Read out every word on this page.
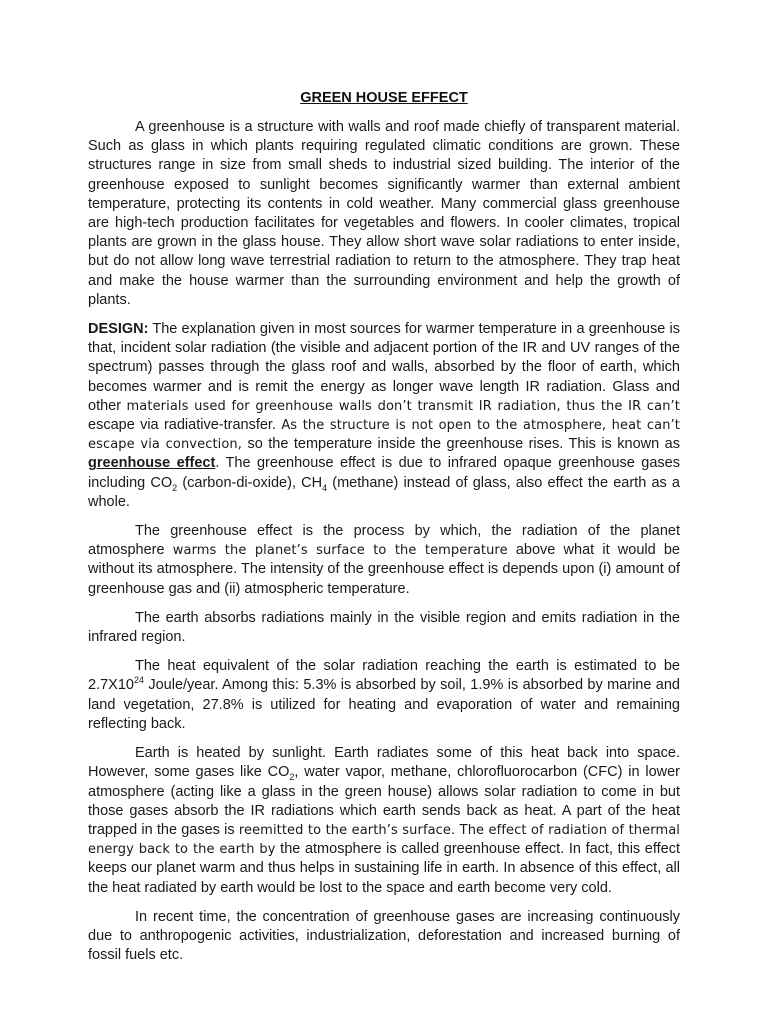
GREEN HOUSE EFFECT

A greenhouse is a structure with walls and roof made chiefly of transparent material. Such as glass in which plants requiring regulated climatic conditions are grown. These structures range in size from small sheds to industrial sized building. The interior of the greenhouse exposed to sunlight becomes significantly warmer than external ambient temperature, protecting its contents in cold weather. Many commercial glass greenhouse are high-tech production facilitates for vegetables and flowers. In cooler climates, tropical plants are grown in the glass house. They allow short wave solar radiations to enter inside, but do not allow long wave terrestrial radiation to return to the atmosphere. They trap heat and make the house warmer than the surrounding environment and help the growth of plants.

DESIGN: The explanation given in most sources for warmer temperature in a greenhouse is that, incident solar radiation (the visible and adjacent portion of the IR and UV ranges of the spectrum) passes through the glass roof and walls, absorbed by the floor of earth, which becomes warmer and is remit the energy as longer wave length IR radiation. Glass and other materials used for greenhouse walls don’t transmit IR radiation, thus the IR can’t escape via radiative-transfer. As the structure is not open to the atmosphere, heat can’t escape via convection, so the temperature inside the greenhouse rises. This is known as greenhouse effect. The greenhouse effect is due to infrared opaque greenhouse gases including $CO_2$ (carbon-di-oxide), $CH_4$ (methane) instead of glass, also effect the earth as a whole.

The greenhouse effect is the process by which, the radiation of the planet atmosphere warms the planet’s surface to the temperature above what it would be without its atmosphere. The intensity of the greenhouse effect is depends upon (i) amount of greenhouse gas and (ii) atmospheric temperature.

The earth absorbs radiations mainly in the visible region and emits radiation in the infrared region.

The heat equivalent of the solar radiation reaching the earth is estimated to be $2.7X10^{24}$ Joule/year. Among this: 5.3% is absorbed by soil, 1.9% is absorbed by marine and land vegetation, 27.8% is utilized for heating and evaporation of water and remaining reflecting back.

Earth is heated by sunlight. Earth radiates some of this heat back into space. However, some gases like $CO_2$, water vapor, methane, chlorofluorocarbon (CFC) in lower atmosphere (acting like a glass in the green house) allows solar radiation to come in but those gases absorb the IR radiations which earth sends back as heat. A part of the heat trapped in the gases is reemitted to the earth’s surface. The effect of radiation of thermal energy back to the earth by the atmosphere is called greenhouse effect. In fact, this effect keeps our planet warm and thus helps in sustaining life in earth. In absence of this effect, all the heat radiated by earth would be lost to the space and earth become very cold.

In recent time, the concentration of greenhouse gases are increasing continuously due to anthropogenic activities, industrialization, deforestation and increased burning of fossil fuels etc.
